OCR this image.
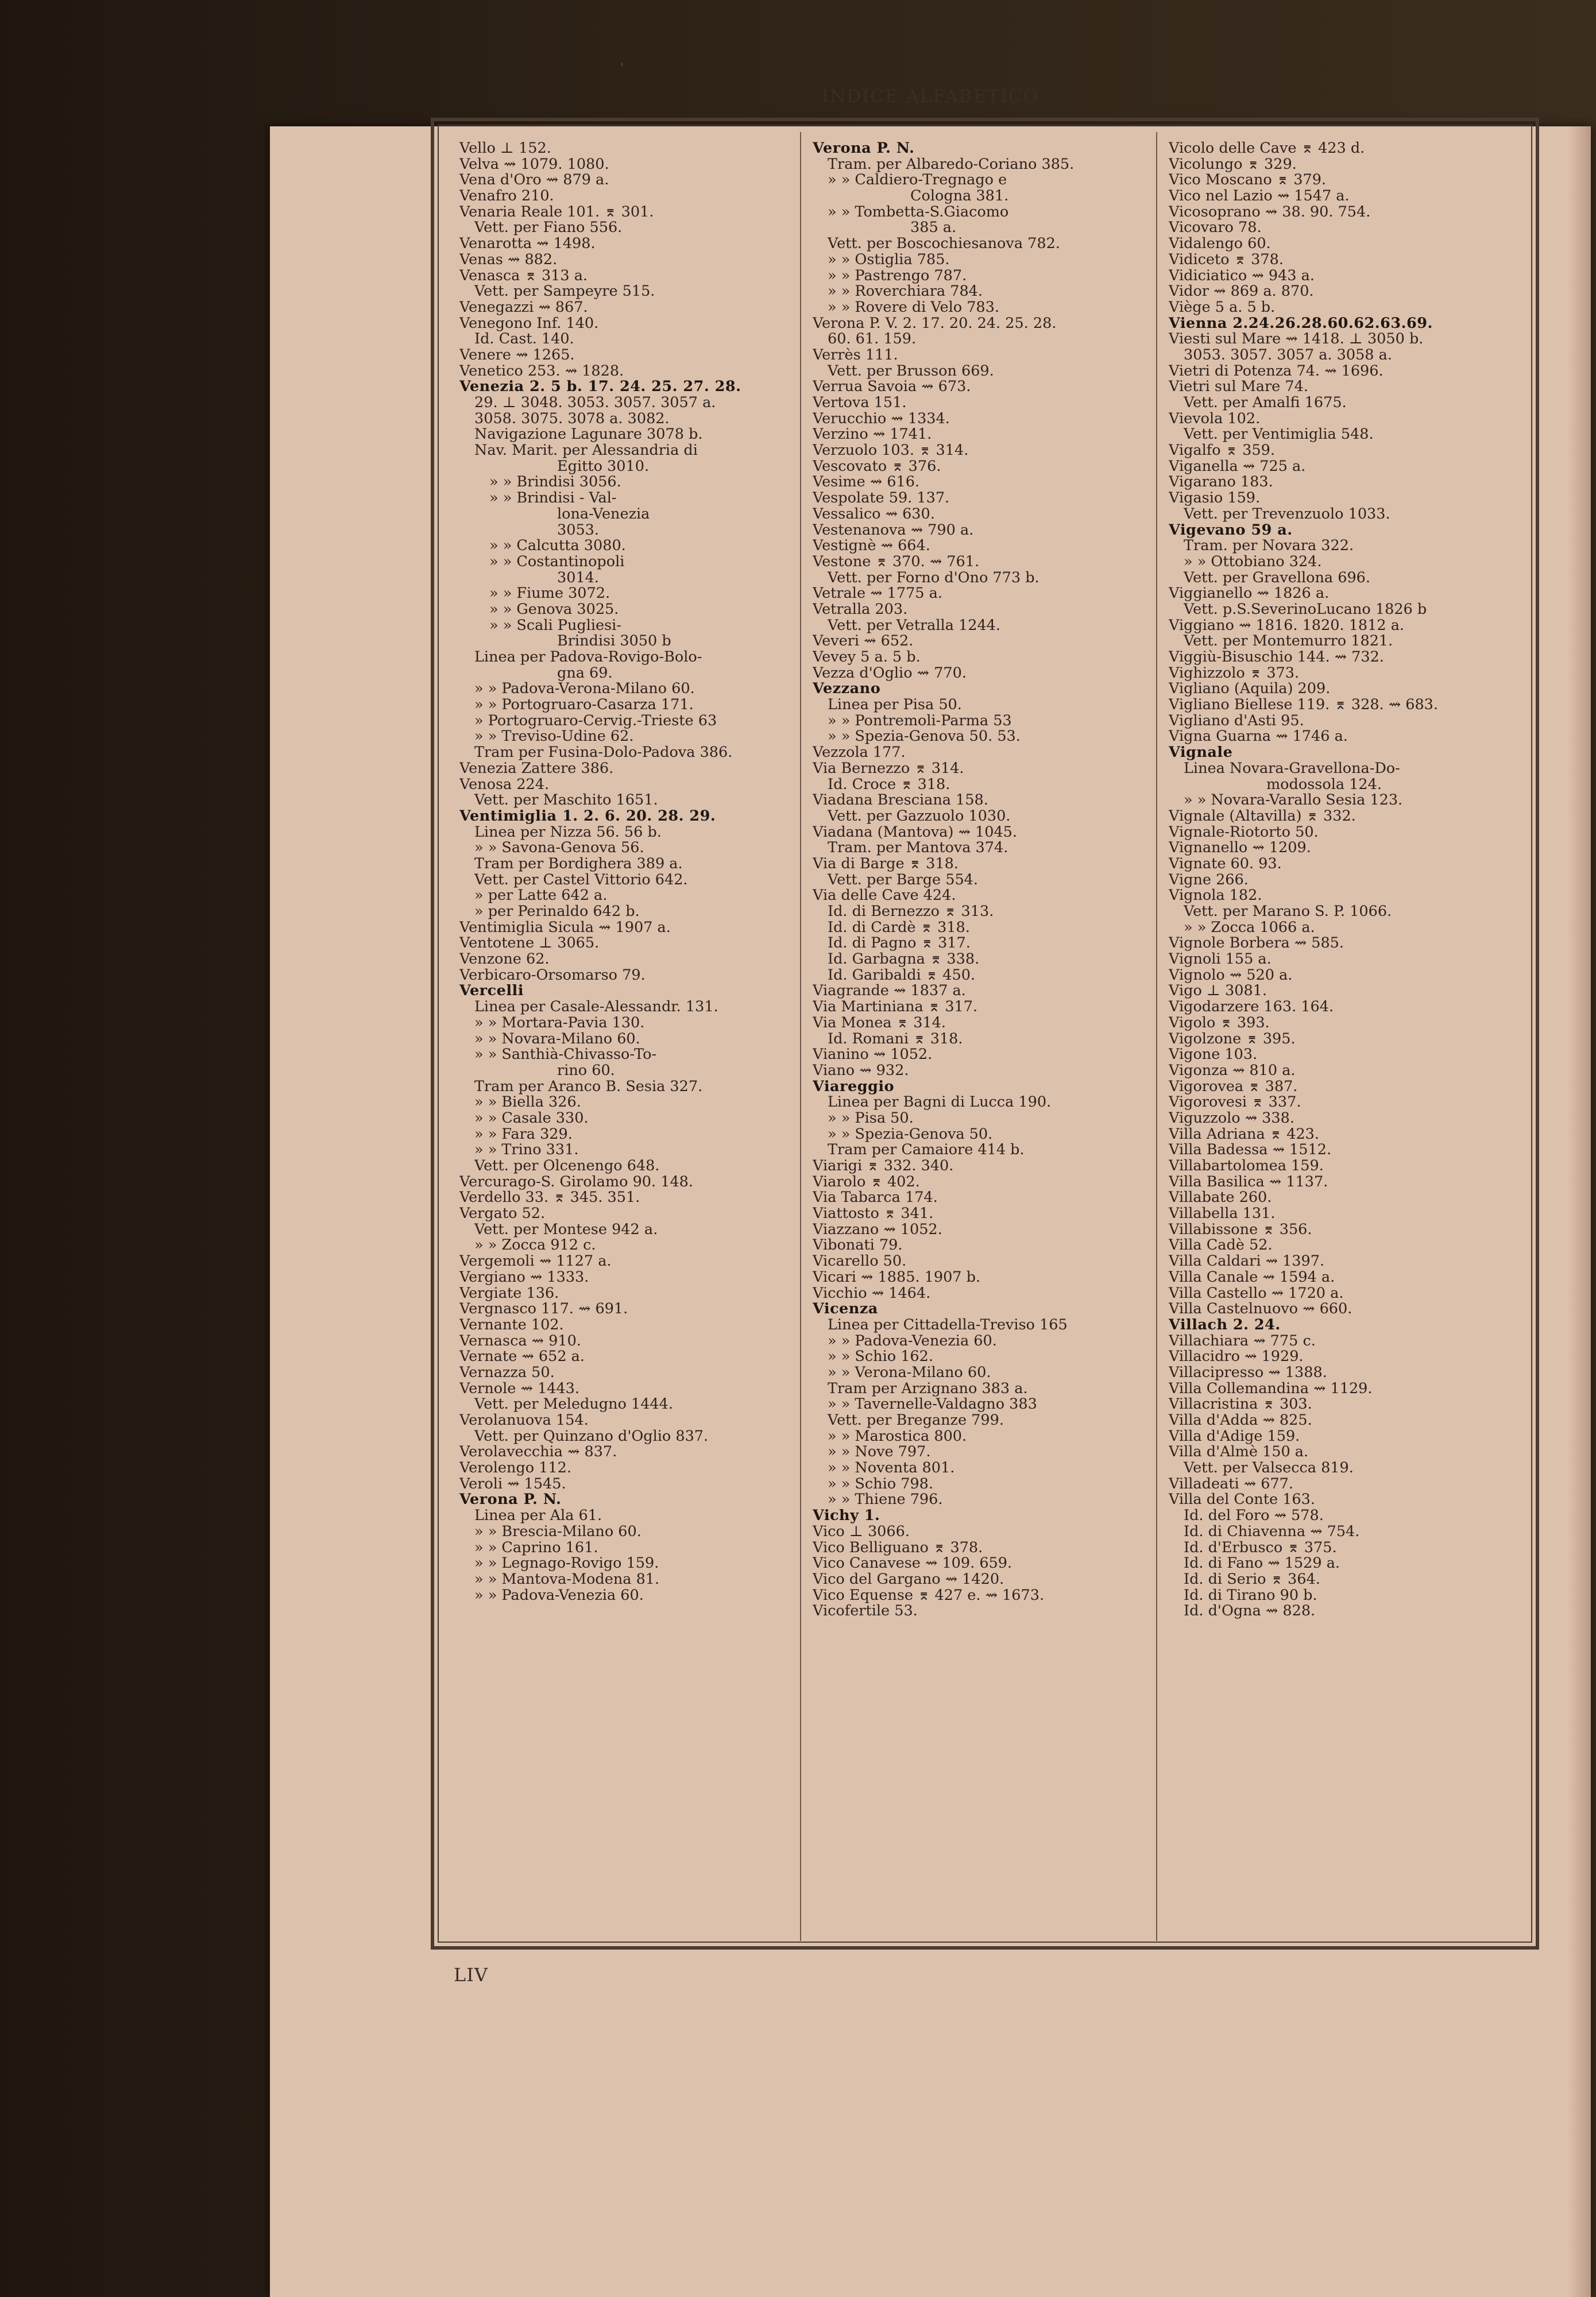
'
INDICE ALFABETICO
Vello ⊥ 152.
Velva ⇝ 1079. 1080.
Vena d'Oro ⇝ 879 a.
Venafro 210.
Venaria Reale 101. ⌆ 301.
Vett. per Fiano 556.
Venarotta ⇝ 1498.
Venas ⇝ 882.
Venasca ⌆ 313 a.
Vett. per Sampeyre 515.
Venegazzi ⇝ 867.
Venegono Inf. 140.
Id. Cast. 140.
Venere ⇝ 1265.
Venetico 253. ⇝ 1828.
Venezia 2. 5 b. 17. 24. 25. 27. 28.
29. ⊥ 3048. 3053. 3057. 3057 a.
3058. 3075. 3078 a. 3082.
Navigazione Lagunare 3078 b.
Nav. Marit. per Alessandria di
Egitto 3010.
» » Brindisi 3056.
» » Brindisi - Val-
lona-Venezia
3053.
» » Calcutta 3080.
» » Costantinopoli
3014.
» » Fiume 3072.
» » Genova 3025.
» » Scali Pugliesi-
Brindisi 3050 b
Linea per Padova-Rovigo-Bolo-
gna 69.
» » Padova-Verona-Milano 60.
» » Portogruaro-Casarza 171.
» Portogruaro-Cervig.-Trieste 63
» » Treviso-Udine 62.
Tram per Fusina-Dolo-Padova 386.
Venezia Zattere 386.
Venosa 224.
Vett. per Maschito 1651.
Ventimiglia 1. 2. 6. 20. 28. 29.
Linea per Nizza 56. 56 b.
» » Savona-Genova 56.
Tram per Bordighera 389 a.
Vett. per Castel Vittorio 642.
» per Latte 642 a.
» per Perinaldo 642 b.
Ventimiglia Sicula ⇝ 1907 a.
Ventotene ⊥ 3065.
Venzone 62.
Verbicaro-Orsomarso 79.
Vercelli
Linea per Casale-Alessandr. 131.
» » Mortara-Pavia 130.
» » Novara-Milano 60.
» » Santhià-Chivasso-To-
rino 60.
Tram per Aranco B. Sesia 327.
» » Biella 326.
» » Casale 330.
» » Fara 329.
» » Trino 331.
Vett. per Olcenengo 648.
Vercurago-S. Girolamo 90. 148.
Verdello 33. ⌆ 345. 351.
Vergato 52.
Vett. per Montese 942 a.
» » Zocca 912 c.
Vergemoli ⇝ 1127 a.
Vergiano ⇝ 1333.
Vergiate 136.
Vergnasco 117. ⇝ 691.
Vernante 102.
Vernasca ⇝ 910.
Vernate ⇝ 652 a.
Vernazza 50.
Vernole ⇝ 1443.
Vett. per Meledugno 1444.
Verolanuova 154.
Vett. per Quinzano d'Oglio 837.
Verolavecchia ⇝ 837.
Verolengo 112.
Veroli ⇝ 1545.
Verona P. N.
Linea per Ala 61.
» » Brescia-Milano 60.
» » Caprino 161.
» » Legnago-Rovigo 159.
» » Mantova-Modena 81.
» » Padova-Venezia 60.
Verona P. N.
Tram. per Albaredo-Coriano 385.
» » Caldiero-Tregnago e
Cologna 381.
» » Tombetta-S.Giacomo
385 a.
Vett. per Boscochiesanova 782.
» » Ostiglia 785.
» » Pastrengo 787.
» » Roverchiara 784.
» » Rovere di Velo 783.
Verona P. V. 2. 17. 20. 24. 25. 28.
60. 61. 159.
Verrès 111.
Vett. per Brusson 669.
Verrua Savoia ⇝ 673.
Vertova 151.
Verucchio ⇝ 1334.
Verzino ⇝ 1741.
Verzuolo 103. ⌆ 314.
Vescovato ⌆ 376.
Vesime ⇝ 616.
Vespolate 59. 137.
Vessalico ⇝ 630.
Vestenanova ⇝ 790 a.
Vestignè ⇝ 664.
Vestone ⌆ 370. ⇝ 761.
Vett. per Forno d'Ono 773 b.
Vetrale ⇝ 1775 a.
Vetralla 203.
Vett. per Vetralla 1244.
Veveri ⇝ 652.
Vevey 5 a. 5 b.
Vezza d'Oglio ⇝ 770.
Vezzano
Linea per Pisa 50.
» » Pontremoli-Parma 53
» » Spezia-Genova 50. 53.
Vezzola 177.
Via Bernezzo ⌆ 314.
Id. Croce ⌆ 318.
Viadana Bresciana 158.
Vett. per Gazzuolo 1030.
Viadana (Mantova) ⇝ 1045.
Tram. per Mantova 374.
Via di Barge ⌆ 318.
Vett. per Barge 554.
Via delle Cave 424.
Id. di Bernezzo ⌆ 313.
Id. di Cardè ⌆ 318.
Id. di Pagno ⌆ 317.
Id. Garbagna ⌆ 338.
Id. Garibaldi ⌆ 450.
Viagrande ⇝ 1837 a.
Via Martiniana ⌆ 317.
Via Monea ⌆ 314.
Id. Romani ⌆ 318.
Vianino ⇝ 1052.
Viano ⇝ 932.
Viareggio
Linea per Bagni di Lucca 190.
» » Pisa 50.
» » Spezia-Genova 50.
Tram per Camaiore 414 b.
Viarigi ⌆ 332. 340.
Viarolo ⌆ 402.
Via Tabarca 174.
Viattosto ⌆ 341.
Viazzano ⇝ 1052.
Vibonati 79.
Vicarello 50.
Vicari ⇝ 1885. 1907 b.
Vicchio ⇝ 1464.
Vicenza
Linea per Cittadella-Treviso 165
» » Padova-Venezia 60.
» » Schio 162.
» » Verona-Milano 60.
Tram per Arzignano 383 a.
» » Tavernelle-Valdagno 383
Vett. per Breganze 799.
» » Marostica 800.
» » Nove 797.
» » Noventa 801.
» » Schio 798.
» » Thiene 796.
Vichy 1.
Vico ⊥ 3066.
Vico Belliguano ⌆ 378.
Vico Canavese ⇝ 109. 659.
Vico del Gargano ⇝ 1420.
Vico Equense ⌆ 427 e. ⇝ 1673.
Vicofertile 53.
Vicolo delle Cave ⌆ 423 d.
Vicolungo ⌆ 329.
Vico Moscano ⌆ 379.
Vico nel Lazio ⇝ 1547 a.
Vicosoprano ⇝ 38. 90. 754.
Vicovaro 78.
Vidalengo 60.
Vidiceto ⌆ 378.
Vidiciatico ⇝ 943 a.
Vidor ⇝ 869 a. 870.
Viège 5 a. 5 b.
Vienna 2.24.26.28.60.62.63.69.
Viesti sul Mare ⇝ 1418. ⊥ 3050 b.
3053. 3057. 3057 a. 3058 a.
Vietri di Potenza 74. ⇝ 1696.
Vietri sul Mare 74.
Vett. per Amalfi 1675.
Vievola 102.
Vett. per Ventimiglia 548.
Vigalfo ⌆ 359.
Viganella ⇝ 725 a.
Vigarano 183.
Vigasio 159.
Vett. per Trevenzuolo 1033.
Vigevano 59 a.
Tram. per Novara 322.
» » Ottobiano 324.
Vett. per Gravellona 696.
Viggianello ⇝ 1826 a.
Vett. p.S.SeverinoLucano 1826 b
Viggiano ⇝ 1816. 1820. 1812 a.
Vett. per Montemurro 1821.
Viggiù-Bisuschio 144. ⇝ 732.
Vighizzolo ⌆ 373.
Vigliano (Aquila) 209.
Vigliano Biellese 119. ⌆ 328. ⇝ 683.
Vigliano d'Asti 95.
Vigna Guarna ⇝ 1746 a.
Vignale
Linea Novara-Gravellona-Do-
modossola 124.
» » Novara-Varallo Sesia 123.
Vignale (Altavilla) ⌆ 332.
Vignale-Riotorto 50.
Vignanello ⇝ 1209.
Vignate 60. 93.
Vigne 266.
Vignola 182.
Vett. per Marano S. P. 1066.
» » Zocca 1066 a.
Vignole Borbera ⇝ 585.
Vignoli 155 a.
Vignolo ⇝ 520 a.
Vigo ⊥ 3081.
Vigodarzere 163. 164.
Vigolo ⌆ 393.
Vigolzone ⌆ 395.
Vigone 103.
Vigonza ⇝ 810 a.
Vigorovea ⌆ 387.
Vigorovesi ⌆ 337.
Viguzzolo ⇝ 338.
Villa Adriana ⌆ 423.
Villa Badessa ⇝ 1512.
Villabartolomea 159.
Villa Basilica ⇝ 1137.
Villabate 260.
Villabella 131.
Villabissone ⌆ 356.
Villa Cadè 52.
Villa Caldari ⇝ 1397.
Villa Canale ⇝ 1594 a.
Villa Castello ⇝ 1720 a.
Villa Castelnuovo ⇝ 660.
Villach 2. 24.
Villachiara ⇝ 775 c.
Villacidro ⇝ 1929.
Villacipresso ⇝ 1388.
Villa Collemandina ⇝ 1129.
Villacristina ⌆ 303.
Villa d'Adda ⇝ 825.
Villa d'Adige 159.
Villa d'Almè 150 a.
Vett. per Valsecca 819.
Villadeati ⇝ 677.
Villa del Conte 163.
Id. del Foro ⇝ 578.
Id. di Chiavenna ⇝ 754.
Id. d'Erbusco ⌆ 375.
Id. di Fano ⇝ 1529 a.
Id. di Serio ⌆ 364.
Id. di Tirano 90 b.
Id. d'Ogna ⇝ 828.
LIV
